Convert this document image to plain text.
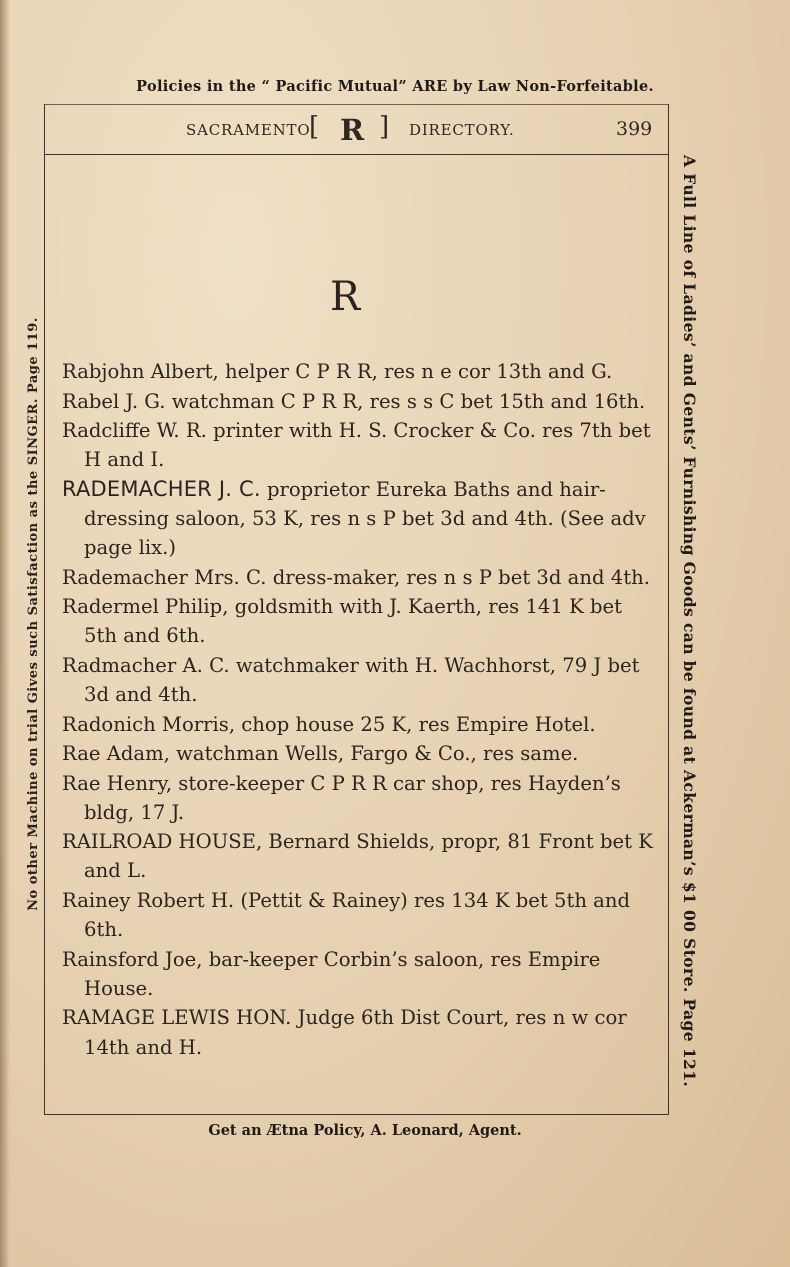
Policies in the “ Pacific Mutual” ARE by Law Non-Forfeitable.
No other Machine on trial Gives such Satisfaction as the SINGER. Page 119.	A Full Line of Ladies’ and Gents’ Furnishing Goods can be found at Ackerman’s $1 00 Store. Page 121.
SACRAMENTO
[ R ] DIRECTORY.	399
R

Rabjohn Albert, helper C P R R, res n e cor 13th and G.

Rabel J. G. watchman C P R R, res s s C bet 15th and 16th.

Radcliffe W. R. printer with H. S. Crocker & Co. res 7th bet H and I.

RADEMACHER J. C. proprietor Eureka Baths and hair-dressing saloon, 53 K, res n s P bet 3d and 4th. (See adv page lix.)

Rademacher Mrs. C. dress-maker, res n s P bet 3d and 4th.

Radermel Philip, goldsmith with J. Kaerth, res 141 K bet 5th and 6th.

Radmacher A. C. watchmaker with H. Wachhorst, 79 J bet 3d and 4th.

Radonich Morris, chop house 25 K, res Empire Hotel.

Rae Adam, watchman Wells, Fargo & Co., res same.

Rae Henry, store-keeper C P R R car shop, res Hayden’s bldg, 17 J.

RAILROAD HOUSE, Bernard Shields, propr, 81 Front bet K and L.

Rainey Robert H. (Pettit & Rainey) res 134 K bet 5th and 6th.

Rainsford Joe, bar-keeper Corbin’s saloon, res Empire House.

RAMAGE LEWIS HON. Judge 6th Dist Court, res n w cor 14th and H.

Get an Ætna Policy, A. Leonard, Agent.
